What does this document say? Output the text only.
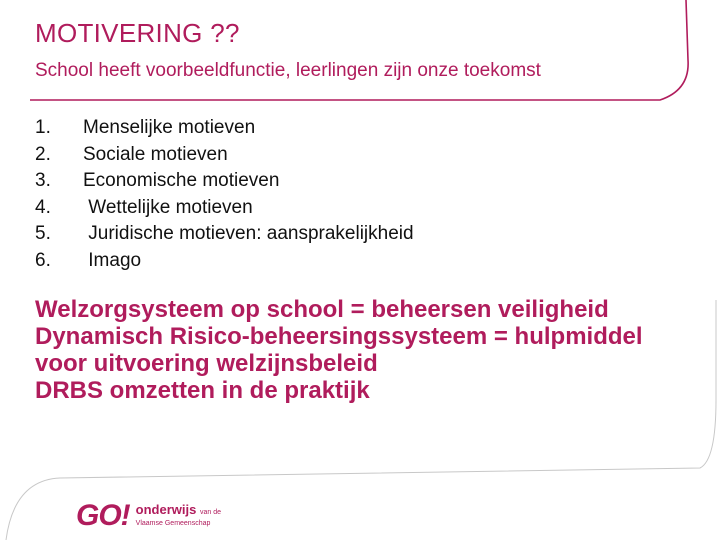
MOTIVERING ??
School heeft voorbeeldfunctie, leerlingen zijn onze toekomst
1. Menselijke motieven
2. Sociale motieven
3. Economische motieven
4. Wettelijke motieven
5. Juridische motieven: aansprakelijkheid
6. Imago
Welzorgsysteem op school = beheersen veiligheid
Dynamisch Risico-beheersingssysteem = hulpmiddel voor uitvoering welzijnsbeleid
DRBS omzetten in de praktijk
GO! onderwijs van de
Vlaamse Gemeenschap
